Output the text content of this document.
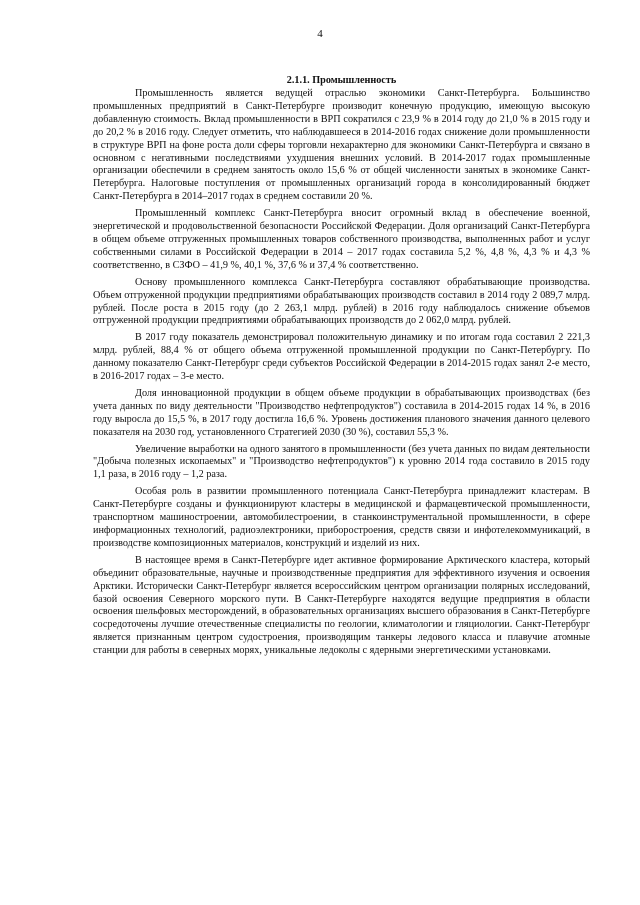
4
2.1.1. Промышленность

Промышленность является ведущей отраслью экономики Санкт-Петербурга. Большинство промышленных предприятий в Санкт-Петербурге производит конечную продукцию, имеющую высокую добавленную стоимость. Вклад промышленности в ВРП сократился с 23,9 % в 2014 году до 21,0 % в 2015 году и до 20,2 % в 2016 году. Следует отметить, что наблюдавшееся в 2014-2016 годах снижение доли промышленности в структуре ВРП на фоне роста доли сферы торговли нехарактерно для экономики Санкт-Петербурга и связано в основном с негативными последствиями ухудшения внешних условий. В 2014-2017 годах промышленные организации обеспечили в среднем занятость около 15,6 % от общей численности занятых в экономике Санкт-Петербурга. Налоговые поступления от промышленных организаций города в консолидированный бюджет Санкт-Петербурга в 2014–2017 годах в среднем составили 20 %.

Промышленный комплекс Санкт-Петербурга вносит огромный вклад в обеспечение военной, энергетической и продовольственной безопасности Российской Федерации. Доля организаций Санкт-Петербурга в общем объеме отгруженных промышленных товаров собственного производства, выполненных работ и услуг собственными силами в Российской Федерации в 2014 – 2017 годах составила 5,2 %, 4,8 %, 4,3 % и 4,3 % соответственно, в СЗФО – 41,9 %, 40,1 %, 37,6 % и 37,4 % соответственно.

Основу промышленного комплекса Санкт-Петербурга составляют обрабатывающие производства. Объем отгруженной продукции предприятиями обрабатывающих производств составил в 2014 году 2 089,7 млрд. рублей. После роста в 2015 году (до 2 263,1 млрд. рублей) в 2016 году наблюдалось снижение объемов отгруженной продукции предприятиями обрабатывающих производств до 2 062,0 млрд. рублей.

В 2017 году показатель демонстрировал положительную динамику и по итогам года составил 2 221,3 млрд. рублей, 88,4 % от общего объема отгруженной промышленной продукции по Санкт-Петербургу. По данному показателю Санкт-Петербург среди субъектов Российской Федерации в 2014-2015 годах занял 2-е место, в 2016-2017 годах – 3-е место.

Доля инновационной продукции в общем объеме продукции в обрабатывающих производствах (без учета данных по виду деятельности "Производство нефтепродуктов") составила в 2014-2015 годах 14 %, в 2016 году выросла до 15,5 %, в 2017 году достигла 16,6 %. Уровень достижения планового значения данного целевого показателя на 2030 год, установленного Стратегией 2030 (30 %), составил 55,3 %.

Увеличение выработки на одного занятого в промышленности (без учета данных по видам деятельности "Добыча полезных ископаемых" и "Производство нефтепродуктов") к уровню 2014 года составило в 2015 году 1,1 раза, в 2016 году – 1,2 раза.

Особая роль в развитии промышленного потенциала Санкт-Петербурга принадлежит кластерам. В Санкт-Петербурге созданы и функционируют кластеры в медицинской и фармацевтической промышленности, транспортном машиностроении, автомобилестроении, в станкоинструментальной промышленности, в сфере информационных технологий, радиоэлектроники, приборостроения, средств связи и инфотелекоммуникаций, в производстве композиционных материалов, конструкций и изделий из них.

В настоящее время в Санкт-Петербурге идет активное формирование Арктического кластера, который объединит образовательные, научные и производственные предприятия для эффективного изучения и освоения Арктики. Исторически Санкт-Петербург является всероссийским центром организации полярных исследований, базой освоения Северного морского пути. В Санкт-Петербурге находятся ведущие предприятия в области освоения шельфовых месторождений, в образовательных организациях высшего образования в Санкт-Петербурге сосредоточены лучшие отечественные специалисты по геологии, климатологии и гляциологии. Санкт-Петербург является признанным центром судостроения, производящим танкеры ледового класса и плавучие атомные станции для работы в северных морях, уникальные ледоколы с ядерными энергетическими установками.
